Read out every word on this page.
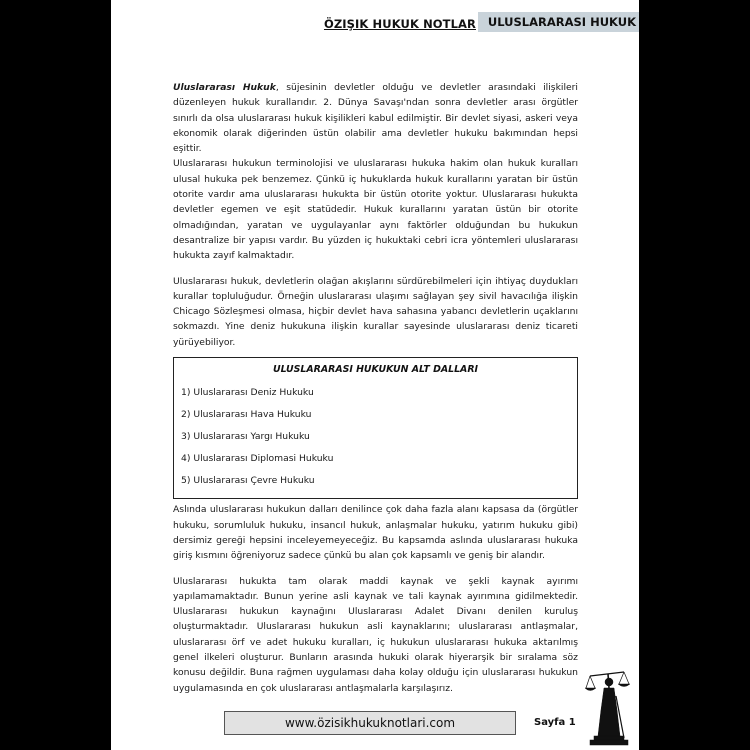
ÖZIŞIK HUKUK NOTLAR	ULUSLARARASI HUKUK

Uluslararası Hukuk, süjesinin devletler olduğu ve devletler arasındaki ilişkileri düzenleyen hukuk kurallarıdır. 2. Dünya Savaşı'ndan sonra devletler arası örgütler sınırlı da olsa uluslararası hukuk kişilikleri kabul edilmiştir. Bir devlet siyasi, askeri veya ekonomik olarak diğerinden üstün olabilir ama devletler hukuku bakımından hepsi eşittir.

Uluslararası hukukun terminolojisi ve uluslararası hukuka hakim olan hukuk kuralları ulusal hukuka pek benzemez. Çünkü iç hukuklarda hukuk kurallarını yaratan bir üstün otorite vardır ama uluslararası hukukta bir üstün otorite yoktur. Uluslararası hukukta devletler egemen ve eşit statüdedir. Hukuk kurallarını yaratan üstün bir otorite olmadığından, yaratan ve uygulayanlar aynı faktörler olduğundan bu hukukun desantralize bir yapısı vardır. Bu yüzden iç hukuktaki cebri icra yöntemleri uluslararası hukukta zayıf kalmaktadır.

Uluslararası hukuk, devletlerin olağan akışlarını sürdürebilmeleri için ihtiyaç duydukları kurallar topluluğudur. Örneğin uluslararası ulaşımı sağlayan şey sivil havacılığa ilişkin Chicago Sözleşmesi olmasa, hiçbir devlet hava sahasına yabancı devletlerin uçaklarını sokmazdı. Yine deniz hukukuna ilişkin kurallar sayesinde uluslararası deniz ticareti yürüyebiliyor.

ULUSLARARASI HUKUKUN ALT DALLARI
1) Uluslararası Deniz Hukuku
2) Uluslararası Hava Hukuku
3) Uluslararası Yargı Hukuku
4) Uluslararası Diplomasi Hukuku
5) Uluslararası Çevre Hukuku

Aslında uluslararası hukukun dalları denilince çok daha fazla alanı kapsasa da (örgütler hukuku, sorumluluk hukuku, insancıl hukuk, anlaşmalar hukuku, yatırım hukuku gibi) dersimiz gereği hepsini inceleyemeyeceğiz. Bu kapsamda aslında uluslararası hukuka giriş kısmını öğreniyoruz sadece çünkü bu alan çok kapsamlı ve geniş bir alandır.

Uluslararası hukukta tam olarak maddi kaynak ve şekli kaynak ayırımı yapılamamaktadır. Bunun yerine asli kaynak ve tali kaynak ayırımına gidilmektedir. Uluslararası hukukun kaynağını Uluslararası Adalet Divanı denilen kuruluş oluşturmaktadır. Uluslararası hukukun asli kaynaklarını; uluslararası antlaşmalar, uluslararası örf ve adet hukuku kuralları, iç hukukun uluslararası hukuka aktarılmış genel ilkeleri oluşturur. Bunların arasında hukuki olarak hiyerarşik bir sıralama söz konusu değildir. Buna rağmen uygulaması daha kolay olduğu için uluslararası hukukun uygulamasında en çok uluslararası antlaşmalarla karşılaşırız.

www.özisikhukuknotlari.com	Sayfa 1
